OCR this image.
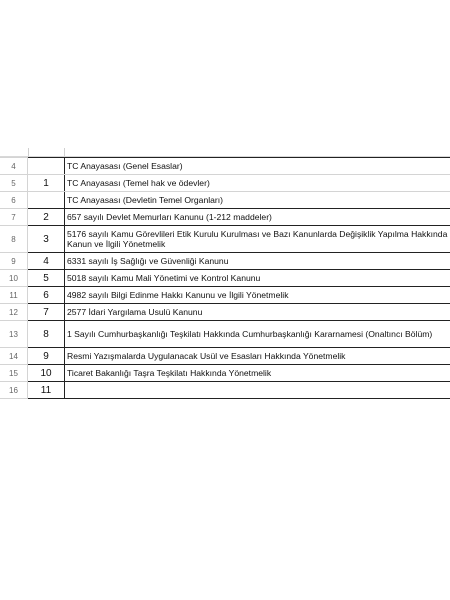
4		TC Anayasası (Genel Esaslar)
5	1	TC Anayasası (Temel hak ve ödevler)
6		TC Anayasası (Devletin Temel Organları)
7	2	657 sayılı Devlet Memurları Kanunu (1-212 maddeler)
8	3	5176 sayılı Kamu Görevlileri Etik Kurulu Kurulması ve Bazı Kanunlarda Değişiklik Yapılma Hakkında Kanun ve İlgili Yönetmelik
9	4	6331 sayılı İş Sağlığı ve Güvenliği Kanunu
10	5	5018 sayılı Kamu Mali Yönetimi ve Kontrol Kanunu
11	6	4982 sayılı Bilgi Edinme Hakkı Kanunu ve İlgili Yönetmelik
12	7	2577 İdari Yargılama Usulü Kanunu
13	8	1 Sayılı Cumhurbaşkanlığı Teşkilatı Hakkında Cumhurbaşkanlığı Kararnamesi (Onaltıncı Bölüm)
14	9	Resmi Yazışmalarda Uygulanacak Usül ve Esasları Hakkında Yönetmelik
15	10	Ticaret Bakanlığı Taşra Teşkilatı Hakkında Yönetmelik
16	11	
